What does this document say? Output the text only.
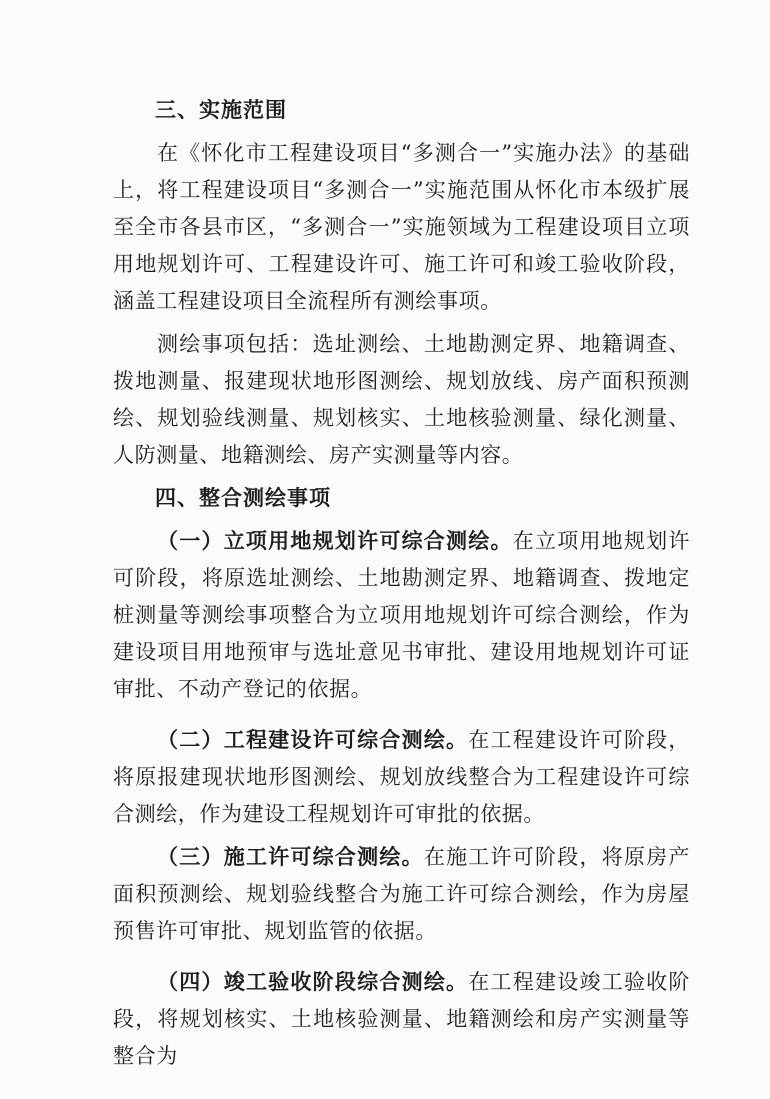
三、实施范围

在《怀化市工程建设项目“多测合一”实施办法》的基础上，将工程建设项目“多测合一”实施范围从怀化市本级扩展至全市各县市区，“多测合一”实施领域为工程建设项目立项用地规划许可、工程建设许可、施工许可和竣工验收阶段，涵盖工程建设项目全流程所有测绘事项。

测绘事项包括：选址测绘、土地勘测定界、地籍调查、拨地测量、报建现状地形图测绘、规划放线、房产面积预测绘、规划验线测量、规划核实、土地核验测量、绿化测量、人防测量、地籍测绘、房产实测量等内容。

四、整合测绘事项

（一）立项用地规划许可综合测绘。在立项用地规划许可阶段，将原选址测绘、土地勘测定界、地籍调查、拨地定桩测量等测绘事项整合为立项用地规划许可综合测绘，作为建设项目用地预审与选址意见书审批、建设用地规划许可证审批、不动产登记的依据。

（二）工程建设许可综合测绘。在工程建设许可阶段，将原报建现状地形图测绘、规划放线整合为工程建设许可综合测绘，作为建设工程规划许可审批的依据。

（三）施工许可综合测绘。在施工许可阶段，将原房产面积预测绘、规划验线整合为施工许可综合测绘，作为房屋预售许可审批、规划监管的依据。

（四）竣工验收阶段综合测绘。在工程建设竣工验收阶段，将规划核实、土地核验测量、地籍测绘和房产实测量等整合为
